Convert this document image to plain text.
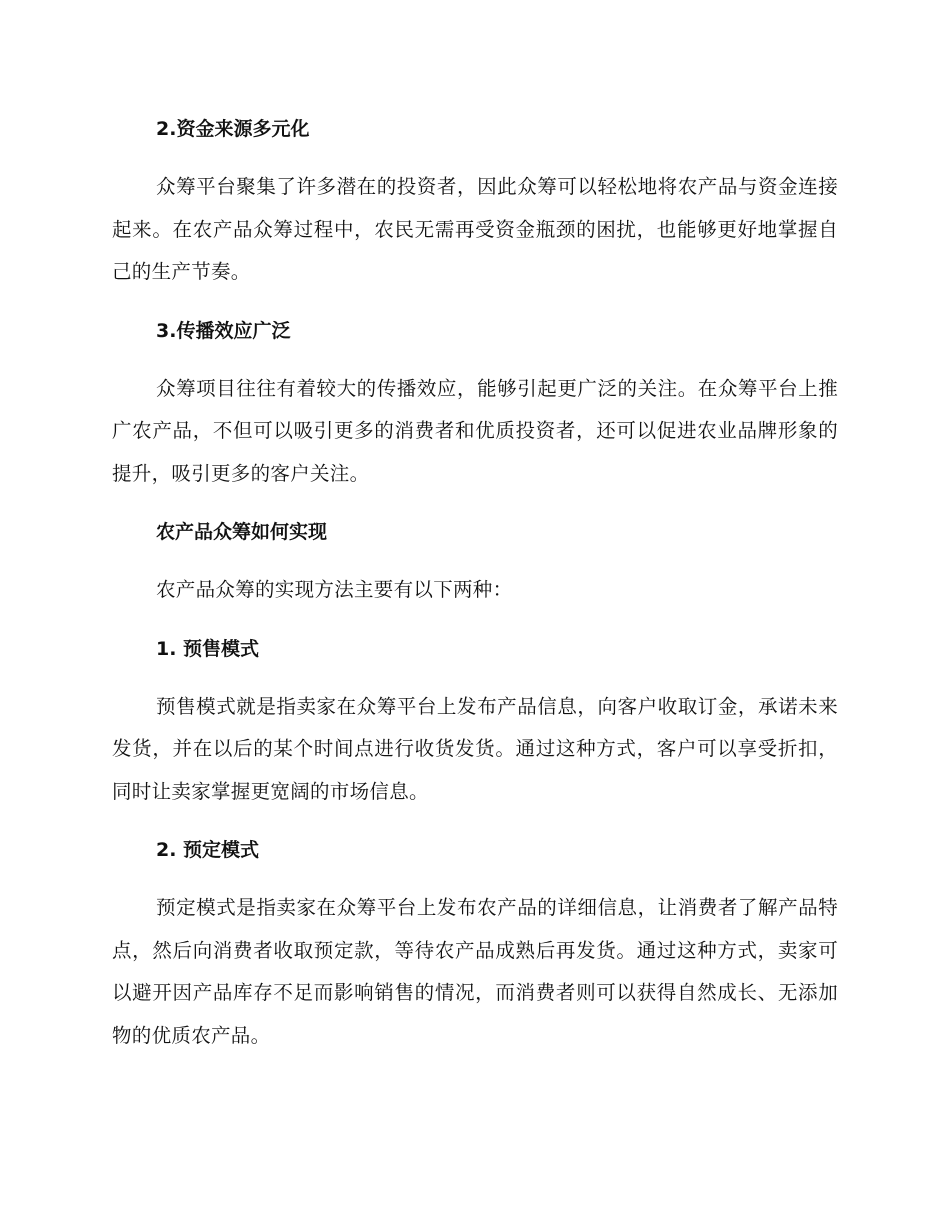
2.资金来源多元化

众筹平台聚集了许多潜在的投资者，因此众筹可以轻松地将农产品与资金连接起来。在农产品众筹过程中，农民无需再受资金瓶颈的困扰，也能够更好地掌握自己的生产节奏。

3.传播效应广泛

众筹项目往往有着较大的传播效应，能够引起更广泛的关注。在众筹平台上推广农产品，不但可以吸引更多的消费者和优质投资者，还可以促进农业品牌形象的提升，吸引更多的客户关注。

农产品众筹如何实现

农产品众筹的实现方法主要有以下两种：

1. 预售模式

预售模式就是指卖家在众筹平台上发布产品信息，向客户收取订金，承诺未来发货，并在以后的某个时间点进行收货发货。通过这种方式，客户可以享受折扣，同时让卖家掌握更宽阔的市场信息。

2. 预定模式

预定模式是指卖家在众筹平台上发布农产品的详细信息，让消费者了解产品特点，然后向消费者收取预定款，等待农产品成熟后再发货。通过这种方式，卖家可以避开因产品库存不足而影响销售的情况，而消费者则可以获得自然成长、无添加物的优质农产品。
